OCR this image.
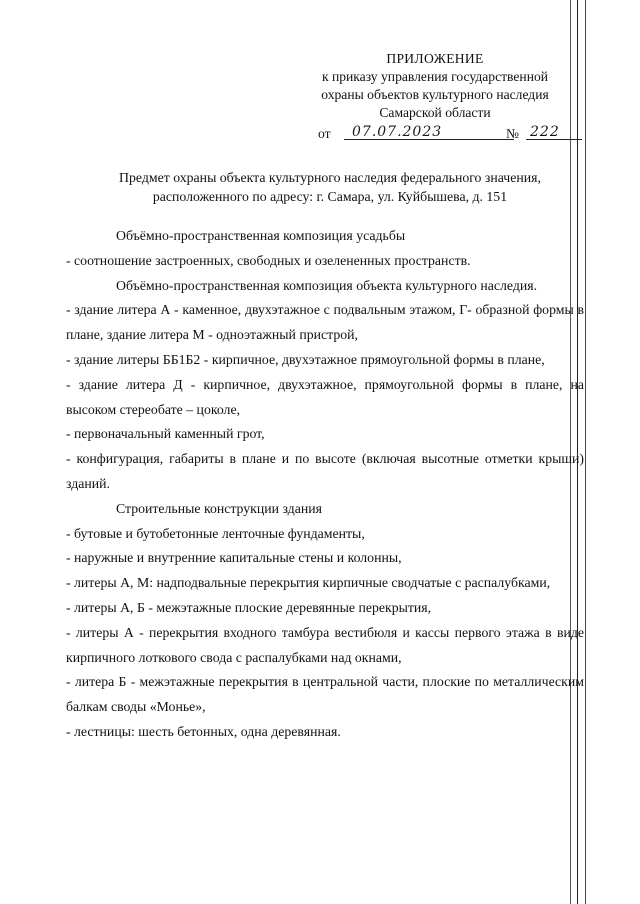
ПРИЛОЖЕНИЕ
к приказу управления государственной
охраны объектов культурного наследия
Самарской области
от 07.07.2023	№ 222
Предмет охраны объекта культурного наследия федерального значения,
расположенного по адресу: г. Самара, ул. Куйбышева, д. 151

Объёмно-пространственная композиция усадьбы

- соотношение застроенных, свободных и озелененных пространств.

Объёмно-пространственная композиция объекта культурного наследия.

- здание литера А - каменное, двухэтажное с подвальным этажом, Г- образной формы в плане, здание литера М - одноэтажный пристрой,

- здание литеры ББ1Б2 - кирпичное, двухэтажное прямоугольной формы в плане,

- здание литера Д - кирпичное, двухэтажное, прямоугольной формы в плане, на высоком стереобате – цоколе,

- первоначальный каменный грот,

- конфигурация, габариты в плане и по высоте (включая высотные отметки крыши) зданий.

Строительные конструкции здания

- бутовые и бутобетонные ленточные фундаменты,

- наружные и внутренние капитальные стены и колонны,

- литеры А, М: надподвальные перекрытия кирпичные сводчатые с распалубками,

- литеры А, Б - межэтажные плоские деревянные перекрытия,

- литеры А - перекрытия входного тамбура вестибюля и кассы первого этажа в виде кирпичного лоткового свода с распалубками над окнами,

- литера Б - межэтажные перекрытия в центральной части, плоские по металлическим балкам своды «Монье»,

- лестницы: шесть бетонных, одна деревянная.
